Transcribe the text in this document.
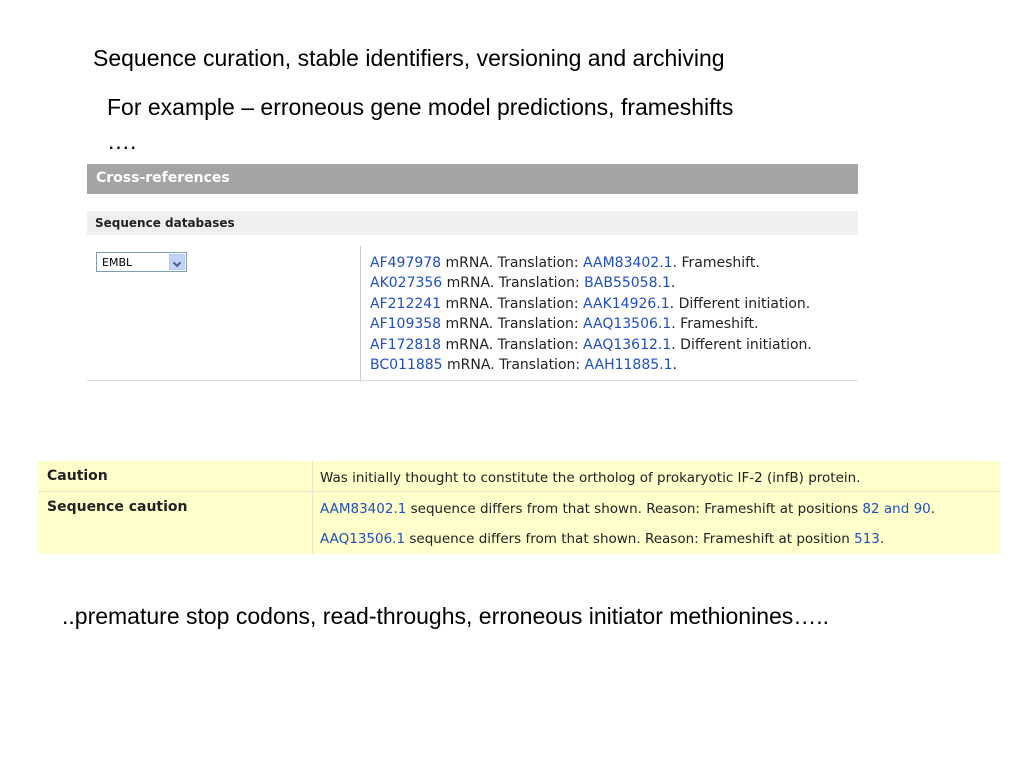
Sequence curation, stable identifiers, versioning and archiving
For example – erroneous gene model predictions, frameshifts
….
Cross-references
Sequence databases
EMBL	AF497978 mRNA. Translation: AAM83402.1. Frameshift.
AK027356 mRNA. Translation: BAB55058.1.
AF212241 mRNA. Translation: AAK14926.1. Different initiation.
AF109358 mRNA. Translation: AAQ13506.1. Frameshift.
AF172818 mRNA. Translation: AAQ13612.1. Different initiation.
BC011885 mRNA. Translation: AAH11885.1.
Caution	Was initially thought to constitute the ortholog of prokaryotic IF-2 (infB) protein.
Sequence caution	AAM83402.1 sequence differs from that shown. Reason: Frameshift at positions 82 and 90.
AAQ13506.1 sequence differs from that shown. Reason: Frameshift at position 513.
..premature stop codons, read-throughs, erroneous initiator methionines…..
